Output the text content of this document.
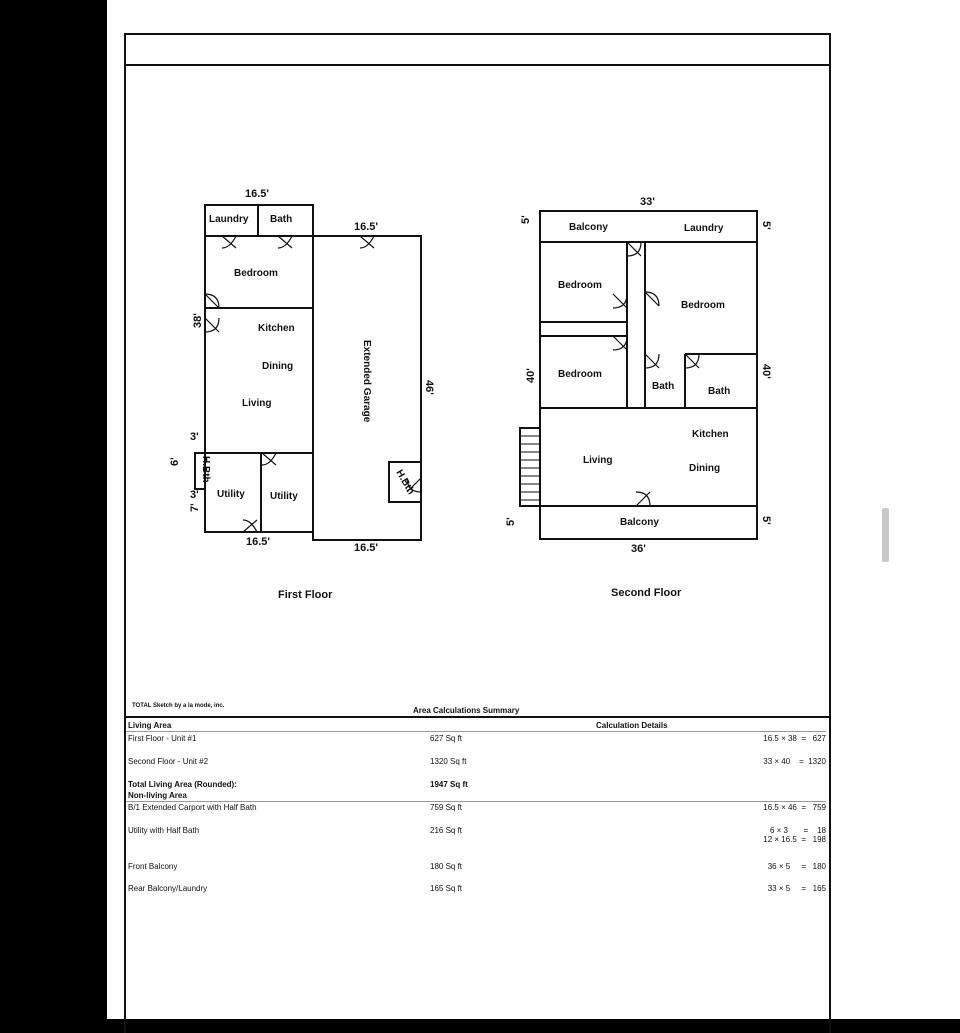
16.5'
16.5'
16.5'	16.5'
3'
3'
38'
6'
7'
46'
Laundry Bath
Bedroom
Kitchen
Dining
Living
H.Bth
Utility	Utility
Extended Garage
H.Bth
33'
36'
5'
5'
40'	40'
5'	5'
Balcony	Laundry
Bedroom
Bedroom
Bedroom
Bath	Bath
Kitchen
Living
Dining
Balcony
First Floor	Second Floor
TOTAL Sketch by a la mode, inc.	Area Calculations Summary
Living Area	Calculation Details
First Floor - Unit #1	627 Sq ft	16.5 × 38  =   627
Second Floor - Unit #2	1320 Sq ft	33 × 40    =  1320
Total Living Area (Rounded):	1947 Sq ft
Non-living Area
B/1 Extended Carport with Half Bath	759 Sq ft	16.5 × 46  =   759
Utility with Half Bath	216 Sq ft	6 × 3       =    18
12 × 16.5  =   198
Front Balcony	180 Sq ft	36 × 5     =   180
Rear Balcony/Laundry	165 Sq ft	33 × 5     =   165
